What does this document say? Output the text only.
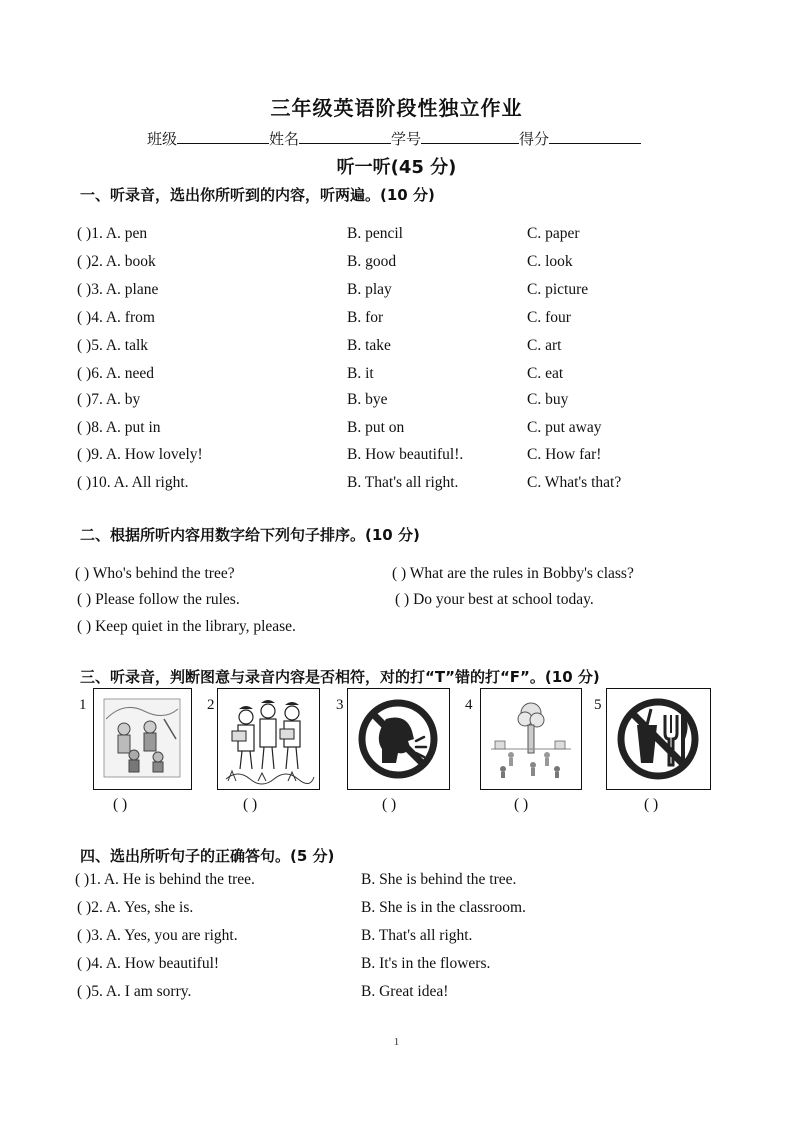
三年级英语阶段性独立作业
班级	姓名	学号	得分
听一听(45 分)
一、听录音，选出你所听到的内容，听两遍。(10 分)
( )1. A. pen	B. pencil	C. paper
( )2. A. book	B. good	C. look
( )3. A. plane	B. play	C. picture
( )4. A. from	B. for	C. four
( )5. A. talk	B. take	C. art
( )6. A. need	B. it	C. eat
( )7. A. by	B. bye	C. buy
( )8. A. put in	B. put on	C. put away
( )9. A. How lovely!	B. How beautiful!.	C. How far!
( )10. A. All right.	B. That's all right.	C. What's that?
二、根据所听内容用数字给下列句子排序。(10 分)
( ) Who's behind the tree?	( ) What are the rules in Bobby's class?
( ) Please follow the rules.	( ) Do your best at school today.
( ) Keep quiet in the library, please.
三、听录音，判断图意与录音内容是否相符，对的打“T”错的打“F”。(10 分)
1	2	3	4	5
( )	( )	( )	( )	( )
四、选出所听句子的正确答句。(5 分)
( )1. A. He is behind the tree.	B. She is behind the tree.
( )2. A. Yes, she is.	B. She is in the classroom.
( )3. A. Yes, you are right.	B. That's all right.
( )4. A. How beautiful!	B. It's in the flowers.
( )5. A. I am sorry.	B. Great idea!
1
